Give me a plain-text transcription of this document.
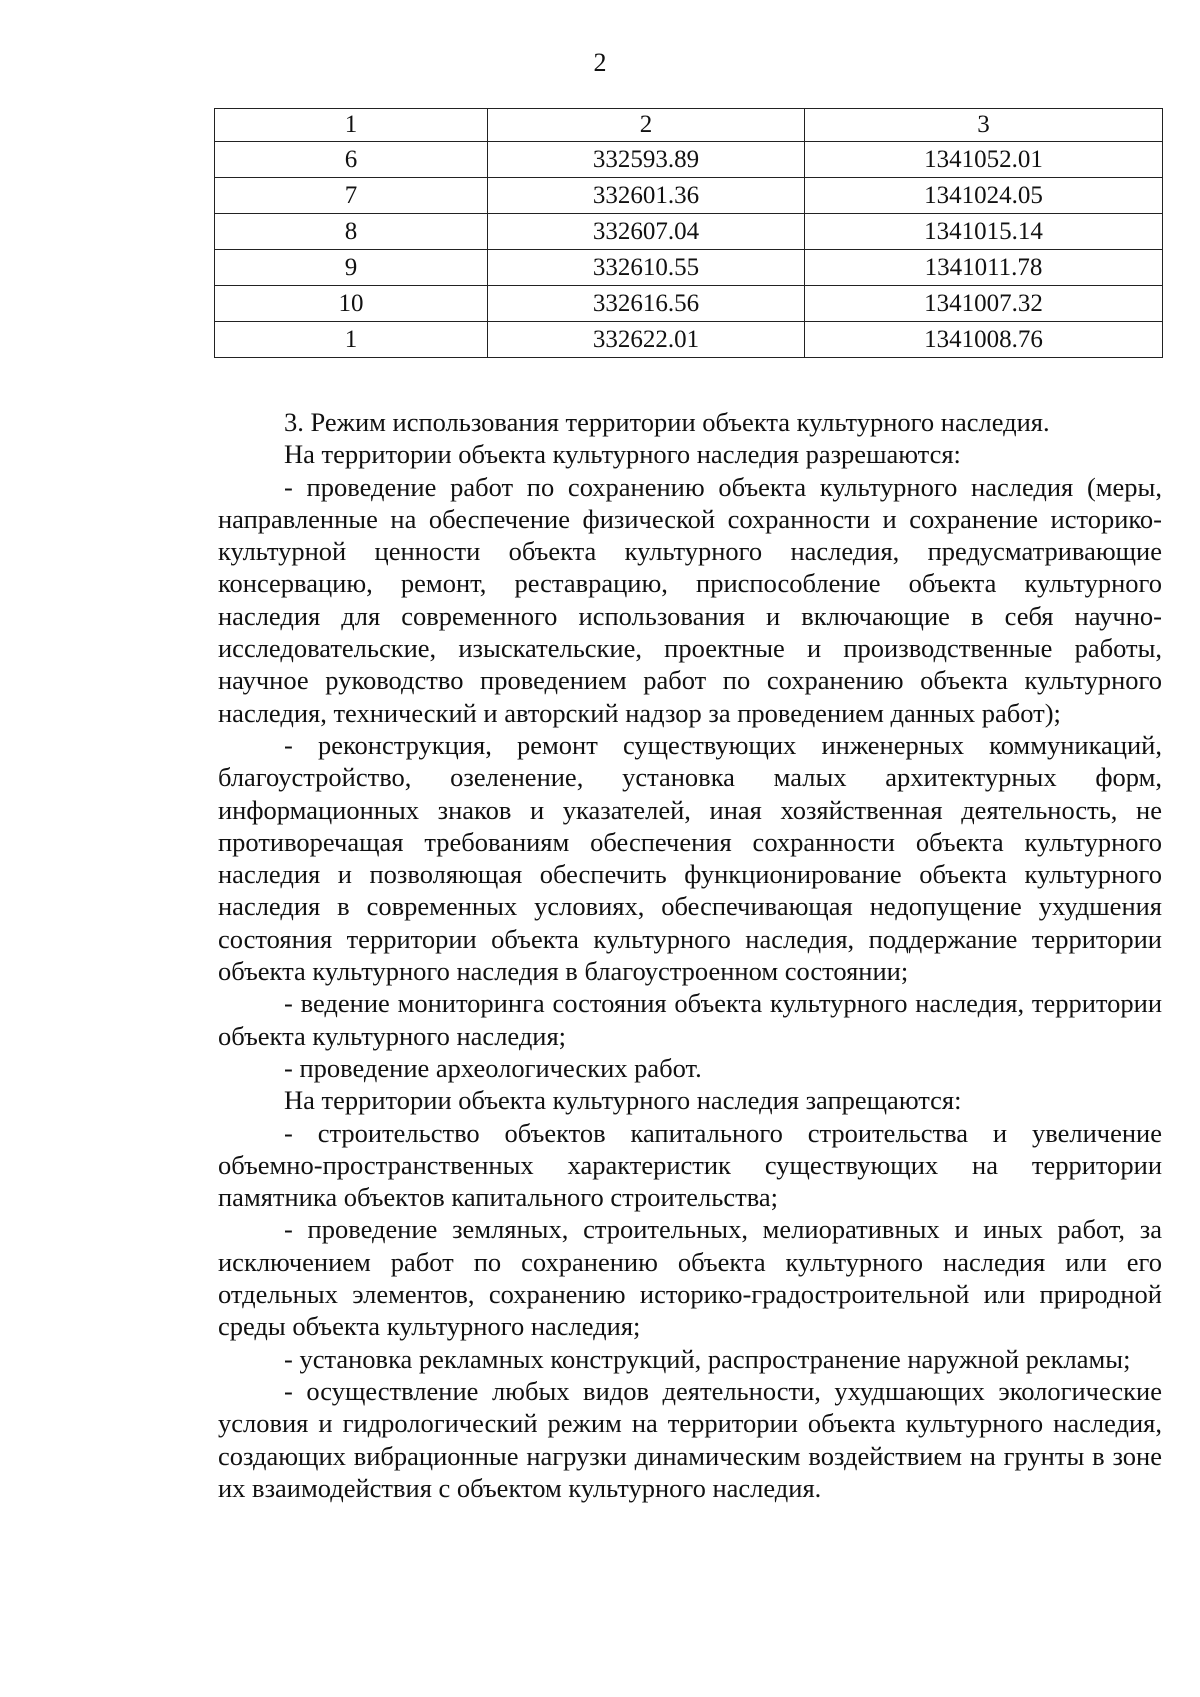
2
1	2	3
6	332593.89	1341052.01
7	332601.36	1341024.05
8	332607.04	1341015.14
9	332610.55	1341011.78
10	332616.56	1341007.32
1	332622.01	1341008.76

3. Режим использования территории объекта культурного наследия.

На территории объекта культурного наследия разрешаются:

- проведение работ по сохранению объекта культурного наследия (меры, направленные на обеспечение физической сохранности и сохранение историко-культурной ценности объекта культурного наследия, предусматривающие консервацию, ремонт, реставрацию, приспособление объекта культурного наследия для современного использования и включающие в себя научно-исследовательские, изыскательские, проектные и производственные работы, научное руководство проведением работ по сохранению объекта культурного наследия, технический и авторский надзор за проведением данных работ);

- реконструкция, ремонт существующих инженерных коммуникаций, благоустройство, озеленение, установка малых архитектурных форм, информационных знаков и указателей, иная хозяйственная деятельность, не противоречащая требованиям обеспечения сохранности объекта культурного наследия и позволяющая обеспечить функционирование объекта культурного наследия в современных условиях, обеспечивающая недопущение ухудшения состояния территории объекта культурного наследия, поддержание территории объекта культурного наследия в благоустроенном состоянии;

- ведение мониторинга состояния объекта культурного наследия, территории объекта культурного наследия;

- проведение археологических работ.

На территории объекта культурного наследия запрещаются:

- строительство объектов капитального строительства и увеличение объемно-пространственных характеристик существующих на территории памятника объектов капитального строительства;

- проведение земляных, строительных, мелиоративных и иных работ, за исключением работ по сохранению объекта культурного наследия или его отдельных элементов, сохранению историко-градостроительной или природной среды объекта культурного наследия;

- установка рекламных конструкций, распространение наружной рекламы;

- осуществление любых видов деятельности, ухудшающих экологические условия и гидрологический режим на территории объекта культурного наследия, создающих вибрационные нагрузки динамическим воздействием на грунты в зоне их взаимодействия с объектом культурного наследия.
